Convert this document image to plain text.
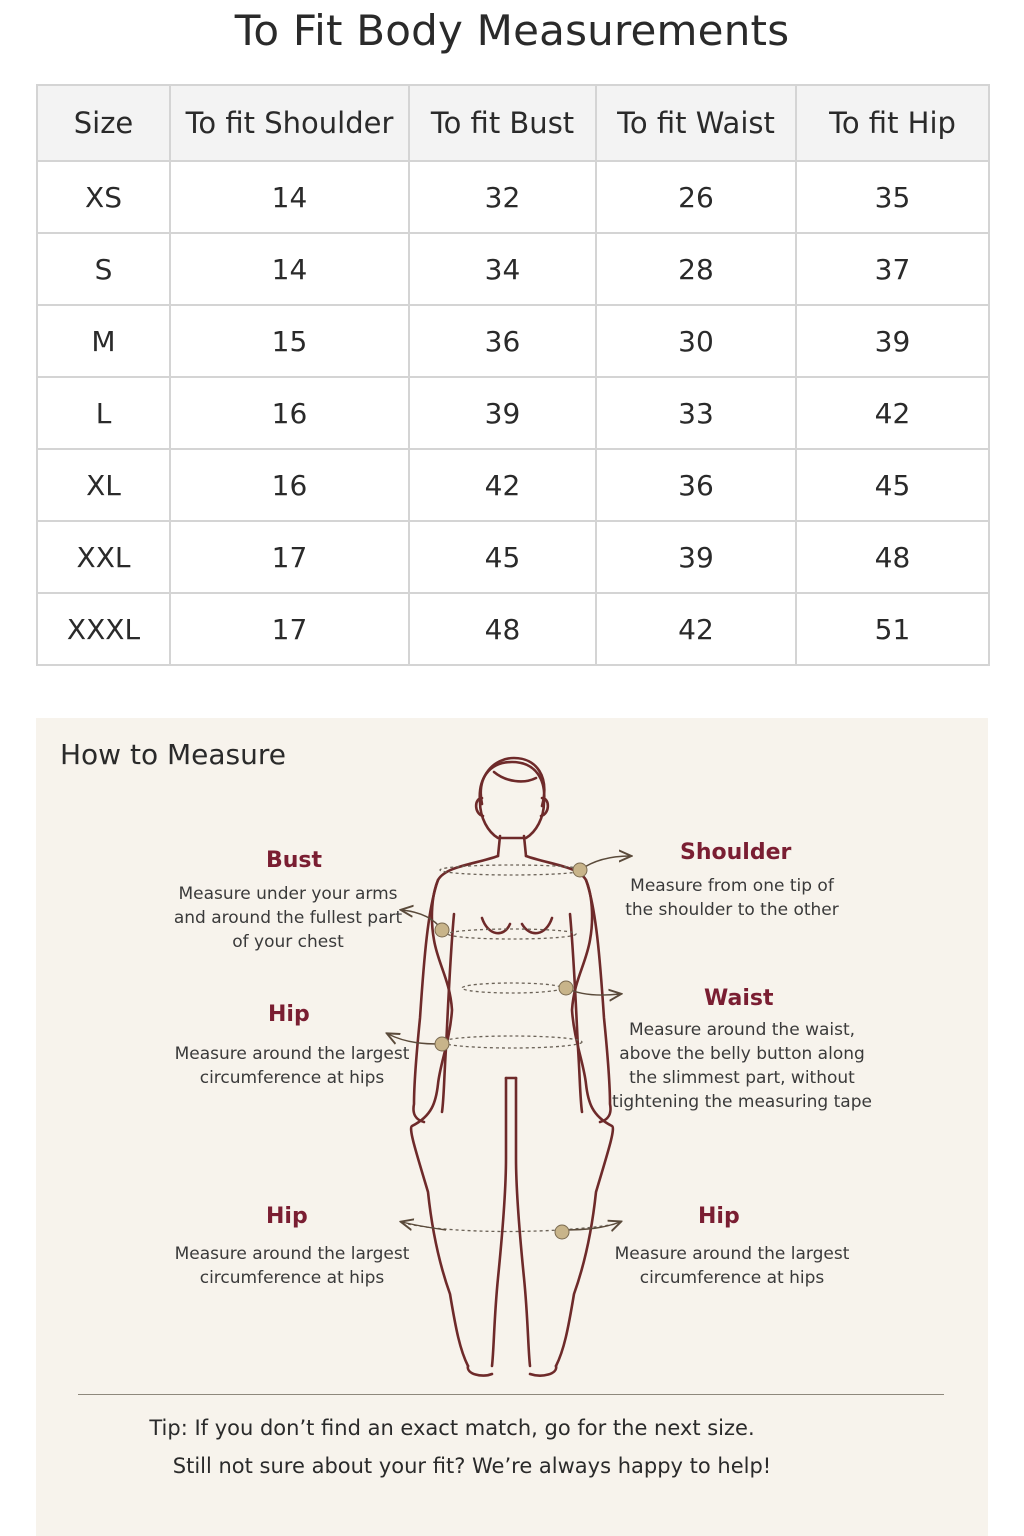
To Fit Body Measurements
Size	To fit Shoulder	To fit Bust	To fit Waist	To fit Hip
XS	14	32	26	35
S	14	34	28	37
M	15	36	30	39
L	16	39	33	42
XL	16	42	36	45
XXL	17	45	39	48
XXXL	17	48	42	51
How to Measure
Bust
Measure under your arms
and around the fullest part
of your chest
Shoulder
Measure from one tip of
the shoulder to the other
Waist
Measure around the waist,
above the belly button along
the slimmest part, without
tightening the measuring tape
Hip
Measure around the largest
circumference at hips
Hip
Measure around the largest
circumference at hips
Hip
Measure around the largest
circumference at hips
Tip: If you don’t find an exact match, go for the next size.
Still not sure about your fit? We’re always happy to help!
